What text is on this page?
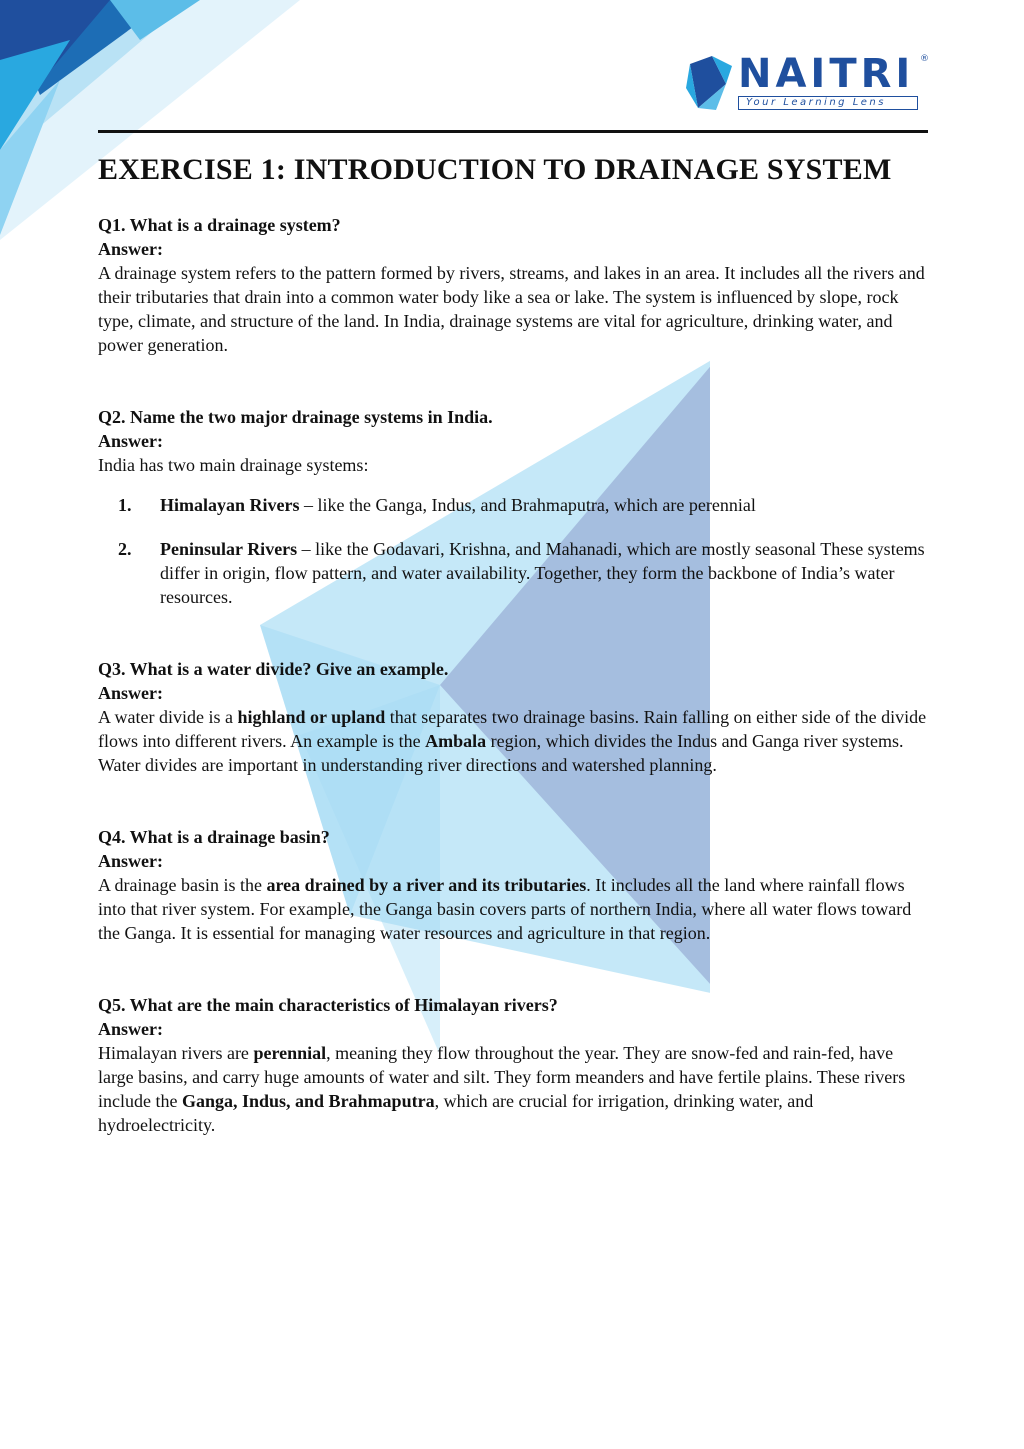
NAITRI ®
Your Learning Lens
EXERCISE 1: INTRODUCTION TO DRAINAGE SYSTEM

Q1. What is a drainage system?

Answer:

A drainage system refers to the pattern formed by rivers, streams, and lakes in an area. It includes all the rivers and their tributaries that drain into a common water body like a sea or lake. The system is influenced by slope, rock type, climate, and structure of the land. In India, drainage systems are vital for agriculture, drinking water, and power generation.

Q2. Name the two major drainage systems in India.

Answer:

India has two main drainage systems:

1. Himalayan Rivers – like the Ganga, Indus, and Brahmaputra, which are perennial
2. Peninsular Rivers – like the Godavari, Krishna, and Mahanadi, which are mostly seasonal These systems differ in origin, flow pattern, and water availability. Together, they form the backbone of India’s water resources.

Q3. What is a water divide? Give an example.

Answer:

A water divide is a highland or upland that separates two drainage basins. Rain falling on either side of the divide flows into different rivers. An example is the Ambala region, which divides the Indus and Ganga river systems. Water divides are important in understanding river directions and watershed planning.

Q4. What is a drainage basin?

Answer:

A drainage basin is the area drained by a river and its tributaries. It includes all the land where rainfall flows into that river system. For example, the Ganga basin covers parts of northern India, where all water flows toward the Ganga. It is essential for managing water resources and agriculture in that region.

Q5. What are the main characteristics of Himalayan rivers?

Answer:

Himalayan rivers are perennial, meaning they flow throughout the year. They are snow-fed and rain-fed, have large basins, and carry huge amounts of water and silt. They form meanders and have fertile plains. These rivers include the Ganga, Indus, and Brahmaputra, which are crucial for irrigation, drinking water, and hydroelectricity.
